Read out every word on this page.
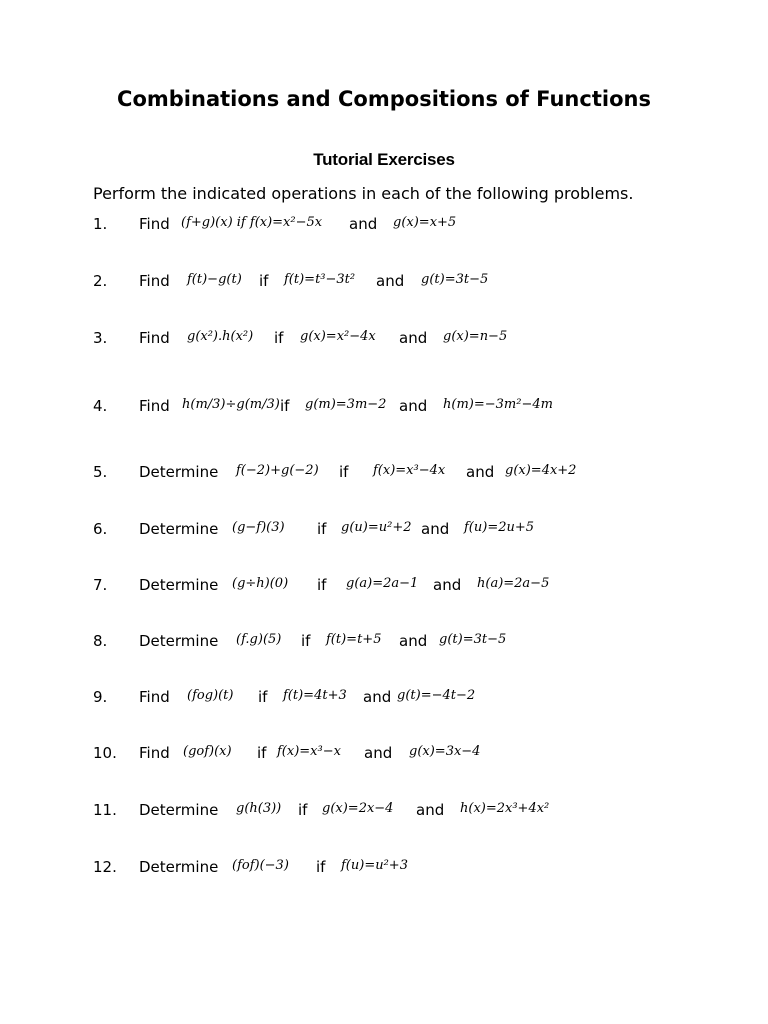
Combinations and Compositions of Functions
Tutorial Exercises
Perform the indicated operations in each of the following problems.
1. Find (f+g)(x) if f(x)=x²−5x and g(x)=x+5
2. Find f(t)−g(t) if f(t)=t³−3t² and g(t)=3t−5
3. Find g(x²).h(x²) if g(x)=x²−4x and g(x)=n−5
4. Find h(m/3)÷g(m/3) if g(m)=3m−2 and h(m)=−3m²−4m
5. Determine f(−2)+g(−2) if f(x)=x³−4x and g(x)=4x+2
6. Determine (g−f)(3) if g(u)=u²+2 and f(u)=2u+5
7. Determine (g÷h)(0) if g(a)=2a−1 and h(a)=2a−5
8. Determine (f.g)(5) if f(t)=t+5 and g(t)=3t−5
9. Find (fog)(t) if f(t)=4t+3 and g(t)=−4t−2
10. Find (gof)(x) if f(x)=x³−x and g(x)=3x−4
11. Determine g(h(3)) if g(x)=2x−4 and h(x)=2x³+4x²
12. Determine (fof)(−3) if f(u)=u²+3
